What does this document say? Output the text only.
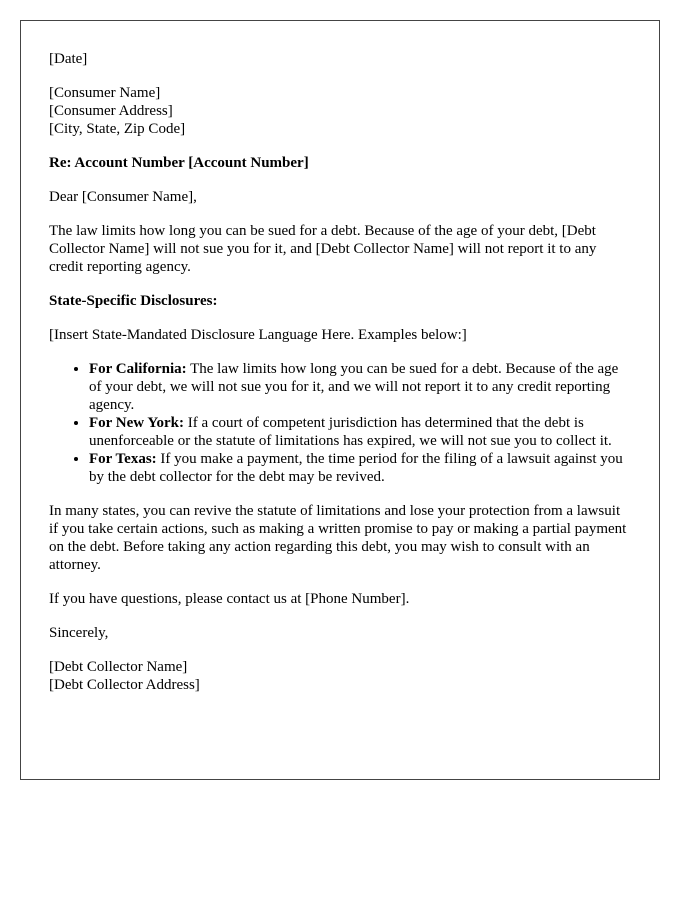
[Date]
[Consumer Name]
[Consumer Address]
[City, State, Zip Code]

Re: Account Number [Account Number]

Dear [Consumer Name],

The law limits how long you can be sued for a debt. Because of the age of your debt, [Debt Collector Name] will not sue you for it, and [Debt Collector Name] will not report it to any credit reporting agency.

State-Specific Disclosures:

[Insert State-Mandated Disclosure Language Here. Examples below:]

• For California: The law limits how long you can be sued for a debt. Because of the age of your debt, we will not sue you for it, and we will not report it to any credit reporting agency.
• For New York: If a court of competent jurisdiction has determined that the debt is unenforceable or the statute of limitations has expired, we will not sue you to collect it.
• For Texas: If you make a payment, the time period for the filing of a lawsuit against you by the debt collector for the debt may be revived.

In many states, you can revive the statute of limitations and lose your protection from a lawsuit if you take certain actions, such as making a written promise to pay or making a partial payment on the debt. Before taking any action regarding this debt, you may wish to consult with an attorney.

If you have questions, please contact us at [Phone Number].

Sincerely,

[Debt Collector Name]
[Debt Collector Address]
